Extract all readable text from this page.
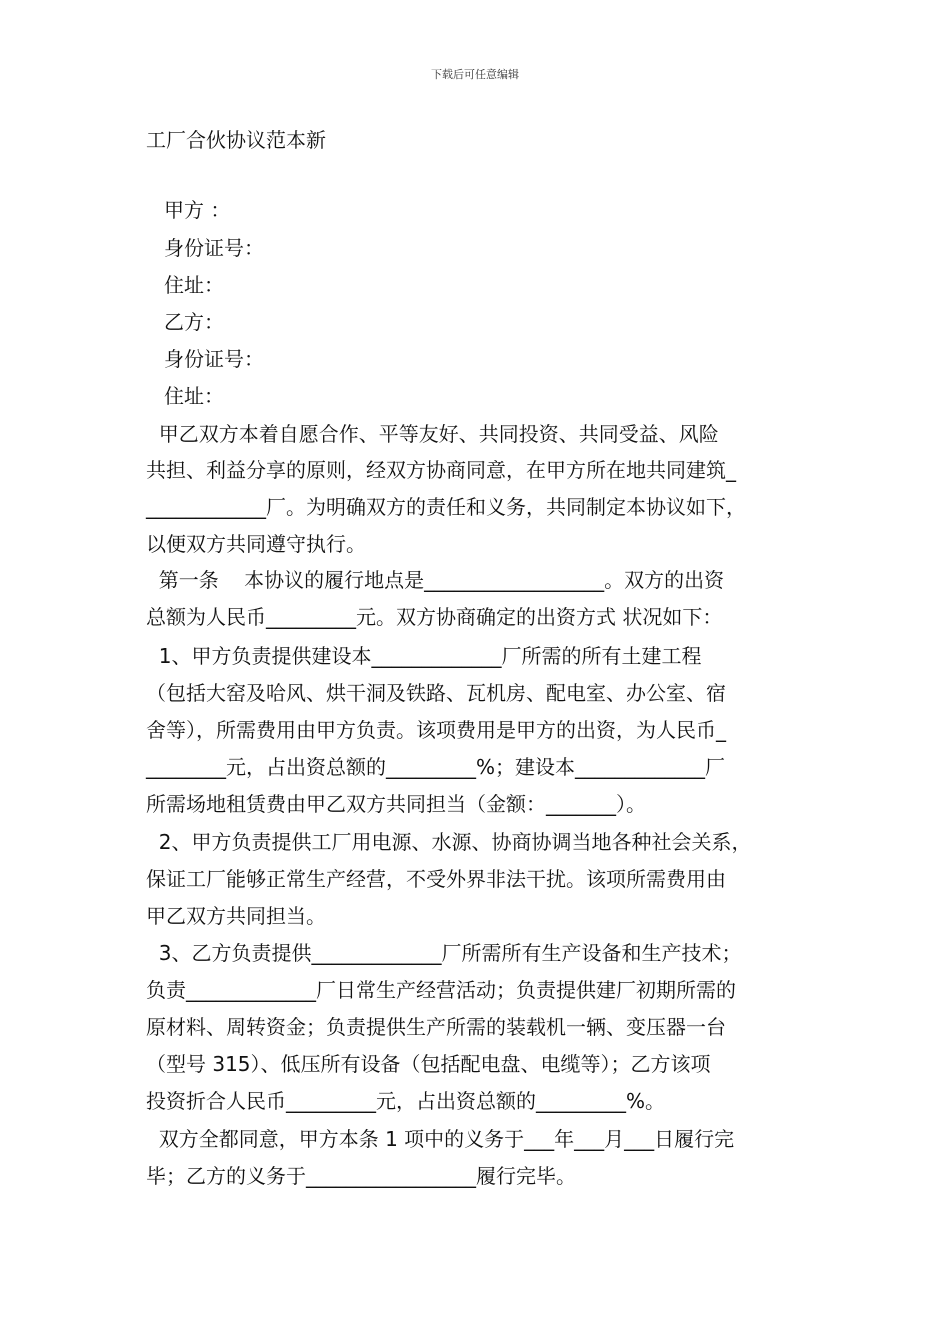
下载后可任意编辑
工厂合伙协议范本新
甲方 ：
身份证号：
住址：
乙方：
身份证号：
住址：
甲乙双方本着自愿合作、平等友好、共同投资、共同受益、风险
共担、利益分享的原则，经双方协商同意，在甲方所在地共同建筑_
____________厂。为明确双方的责任和义务，共同制定本协议如下，
以便双方共同遵守执行。
第一条    本协议的履行地点是__________________。双方的出资
总额为人民币_________元。双方协商确定的出资方式 状况如下：
1、甲方负责提供建设本_____________厂所需的所有土建工程
（包括大窑及哈风、烘干洞及铁路、瓦机房、配电室、办公室、宿
舍等），所需费用由甲方负责。该项费用是甲方的出资，为人民币_
________元，占出资总额的_________%；建设本_____________厂
所需场地租赁费由甲乙双方共同担当（金额：_______）。
2、甲方负责提供工厂用电源、水源、协商协调当地各种社会关系，
保证工厂能够正常生产经营，不受外界非法干扰。该项所需费用由
甲乙双方共同担当。
3、乙方负责提供_____________厂所需所有生产设备和生产技术；
负责_____________厂日常生产经营活动；负责提供建厂初期所需的
原材料、周转资金；负责提供生产所需的装载机一辆、变压器一台
（型号 315）、低压所有设备（包括配电盘、电缆等）；乙方该项
投资折合人民币_________元，占出资总额的_________%。
双方全都同意，甲方本条 1 项中的义务于___年___月___日履行完
毕；乙方的义务于_________________履行完毕。
